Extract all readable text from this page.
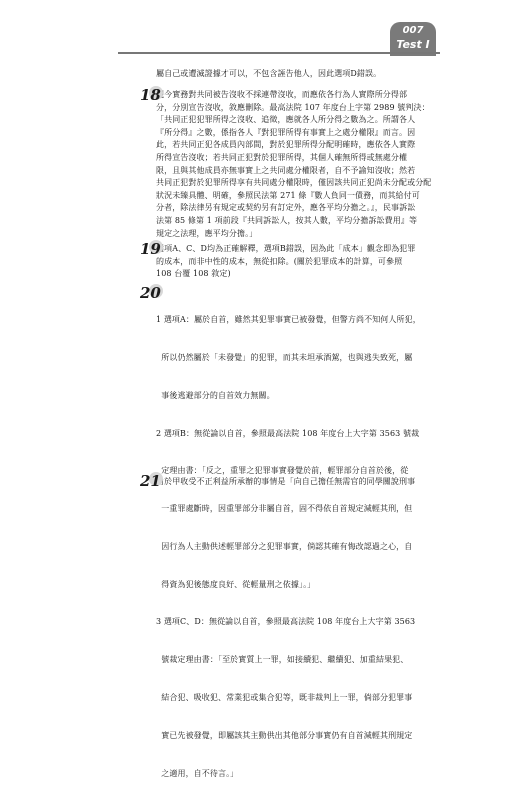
007
Test I

屬自己或遭滅證據才可以，不包含誣告他人，因此選項D錯誤。

18
規今實務對共同被告沒收不採連帶沒收，而應依各行為人實際所分得部
分，分別宣告沒收，敘應刪除。最高法院 107 年度台上字第 2989 號判決：
「共同正犯犯罪所得之沒收、追徵，應就各人所分得之數為之。所謂各人
『所分得』之數，係指各人『對犯罪所得有事實上之處分權限』而言。因
此，若共同正犯各成員內部間，對於犯罪所得分配明確時，應依各人實際
所得宣告沒收；若共同正犯對於犯罪所得，其個人確無所得或無處分權
限，且與其他成員亦無事實上之共同處分權限者，自不予諭知沒收；然若
共同正犯對於犯罪所得享有共同處分權限時，僅因該共同正犯尚未分配或分配
狀況未臻具體、明確，參照民法第 271 條『數人負同一債務，而其給付可
分者，除法律另有規定或契約另有訂定外，應各平均分擔之。』，民事訴訟
法第 85 條第 1 項前段『共同訴訟人，按其人數，平均分擔訴訟費用』等
規定之法理，應平均分擔。」
19
選項A、C、D均為正確解釋，選項B錯誤，因為此「成本」觀念即為犯罪
的成本，而非中性的成本，無從扣除。(關於犯罪成本的計算，可參照
108 台覆 108 敘定)
20

1 選項A：屬於自首，雖然其犯罪事實已被發覺，但警方尚不知何人所犯，

所以仍然屬於「未發覺」的犯罪，而其未坦承酒駕，也與逃失致死，屬

事後逃避部分的自首效力無關。

2 選項B：無從論以自首，參照最高法院 108 年度台上大字第 3563 號裁

定理由書：「反之，重罪之犯罪事實發覺於前，輕罪部分自首於後，從

一重罪處斷時，因重罪部分非屬自首，固不得依自首規定減輕其刑，但

因行為人主動供述輕罪部分之犯罪事實，倘認其確有悔改認過之心，自

得資為犯後態度良好、從輕量刑之依據」。」

3 選項C、D：無從論以自首，參照最高法院 108 年度台上大字第 3563

號裁定理由書：「至於實質上一罪，如接續犯、繼續犯、加重結果犯、

結合犯、吸收犯、常業犯或集合犯等，既非裁判上一罪，倘部分犯罪事

實已先被發覺，即屬該其主動供出其他部分事實仍有自首減輕其刑規定

之適用，自不待言。」

21
由於甲收受不正利益所承辦的事情是「向自己擔任無需官的同學關說刑事
